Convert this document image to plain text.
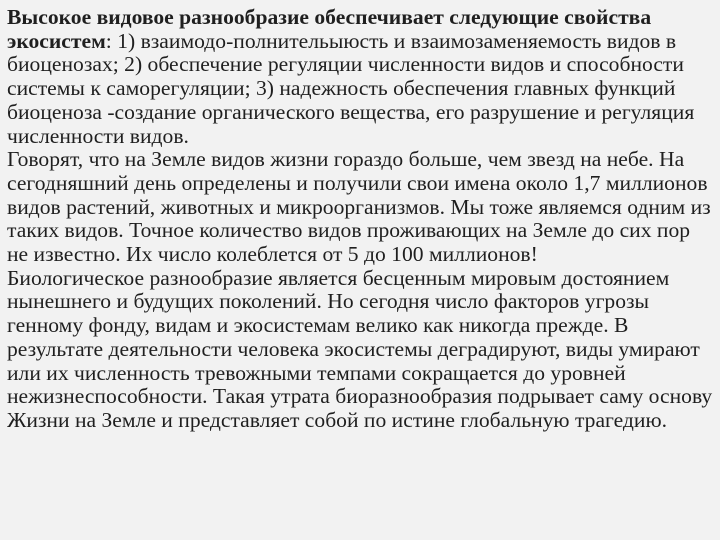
Высокое видовое разнообразие обеспечивает следующие свойства экосистем: 1) взаимодо-полнительыюсть и взаимозаменяемость видов в биоценозах; 2) обеспечение регуляции численности видов и способности системы к саморегуляции; 3) надежность обеспечения главных функций биоценоза -создание органического вещества, его разрушение и регуляция численности видов.

Говорят, что на Земле видов жизни гораздо больше, чем звезд на небе. На сегодняшний день определены и получили свои имена около 1,7 миллионов видов растений, животных и микроорганизмов. Мы тоже являемся одним из таких видов. Точное количество видов проживающих на Земле до сих пор не известно. Их число колеблется от 5 до 100 миллионов!

Биологическое разнообразие является бесценным мировым достоянием нынешнего и будущих поколений. Но сегодня число факторов угрозы генному фонду, видам и экосистемам велико как никогда прежде. В результате деятельности человека экосистемы деградируют, виды умирают или их численность тревожными темпами сокращается до уровней нежизнеспособности. Такая утрата биоразнообразия подрывает саму основу Жизни на Земле и представляет собой по истине глобальную трагедию.
